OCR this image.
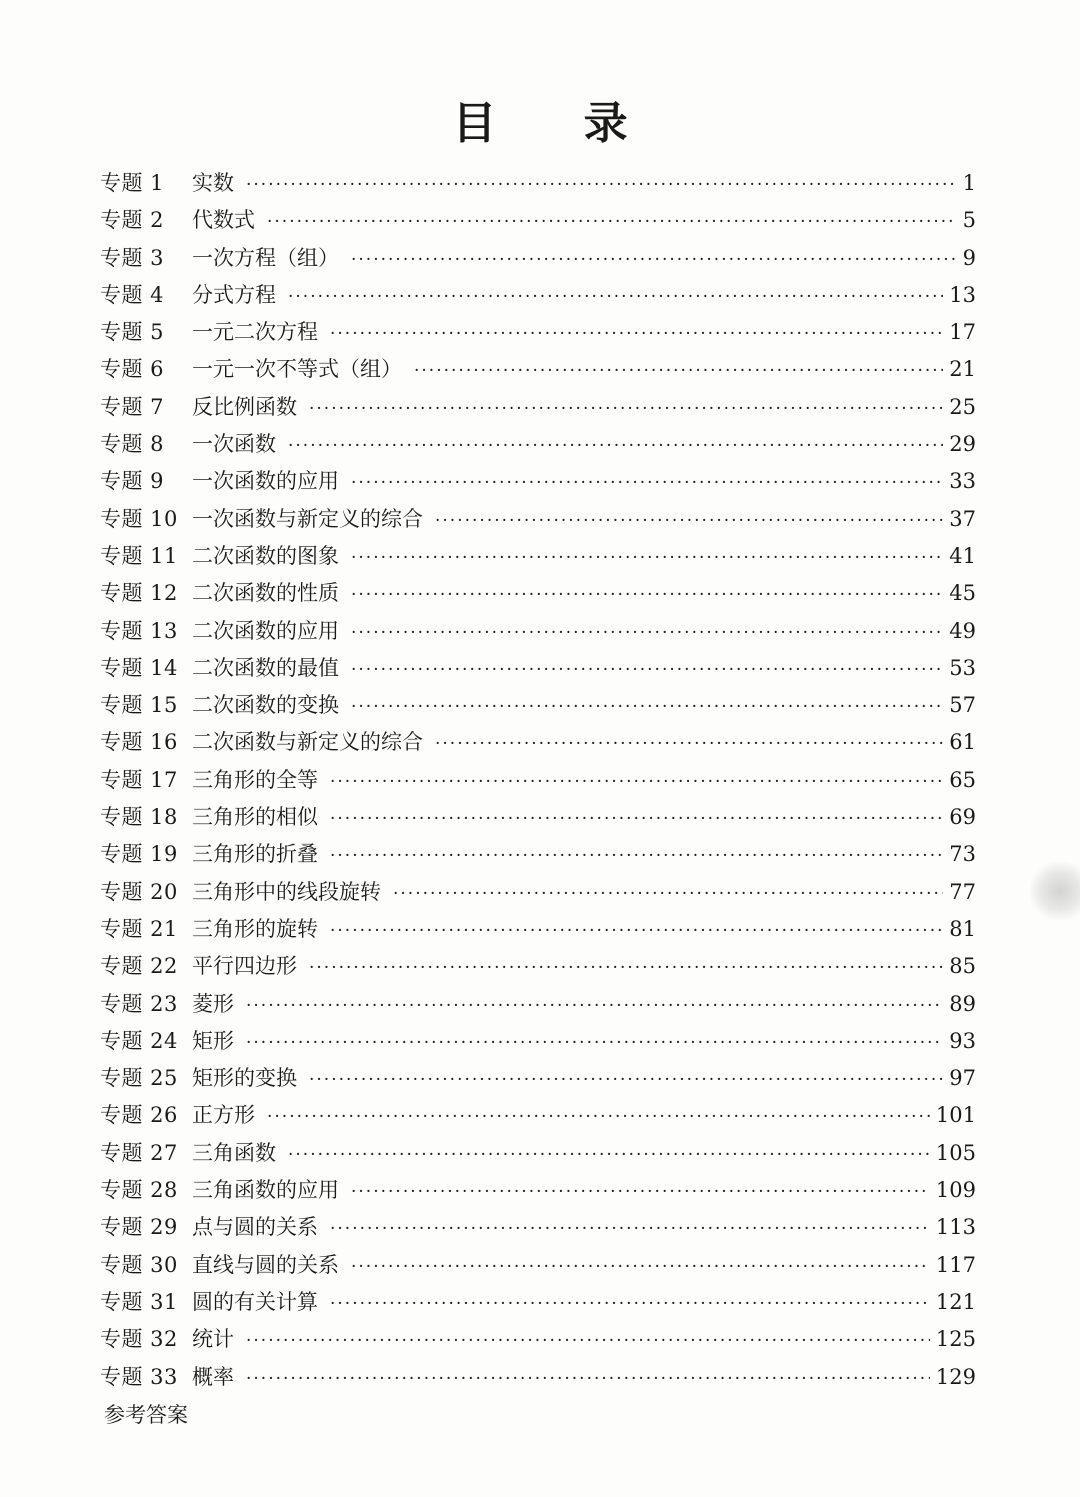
目 录
专题 1	实数 ·····	1
专题 2	代数式 ·····	5
专题 3	一次方程（组） ·····	9
专题 4	分式方程 ·····	13
专题 5	一元二次方程 ·····	17
专题 6	一元一次不等式（组） ·····	21
专题 7	反比例函数 ·····	25
专题 8	一次函数 ·····	29
专题 9	一次函数的应用 ·····	33
专题 10 一次函数与新定义的综合 ·····	37
专题 11 二次函数的图象 ·····	41
专题 12 二次函数的性质 ·····	45
专题 13 二次函数的应用 ·····	49
专题 14 二次函数的最值 ·····	53
专题 15 二次函数的变换 ·····	57
专题 16 二次函数与新定义的综合 ·····	61
专题 17 三角形的全等 ·····	65
专题 18 三角形的相似 ·····	69
专题 19 三角形的折叠 ·····	73
专题 20 三角形中的线段旋转 ·····	77
专题 21 三角形的旋转 ·····	81
专题 22 平行四边形 ·····	85
专题 23 菱形 ·····	89
专题 24 矩形 ·····	93
专题 25 矩形的变换 ·····	97
专题 26 正方形 ·····	101
专题 27 三角函数 ·····	105
专题 28 三角函数的应用 ·····	109
专题 29 点与圆的关系 ·····	113
专题 30 直线与圆的关系 ·····	117
专题 31 圆的有关计算 ·····	121
专题 32 统计 ·····	125
专题 33 概率 ·····	129
参考答案
